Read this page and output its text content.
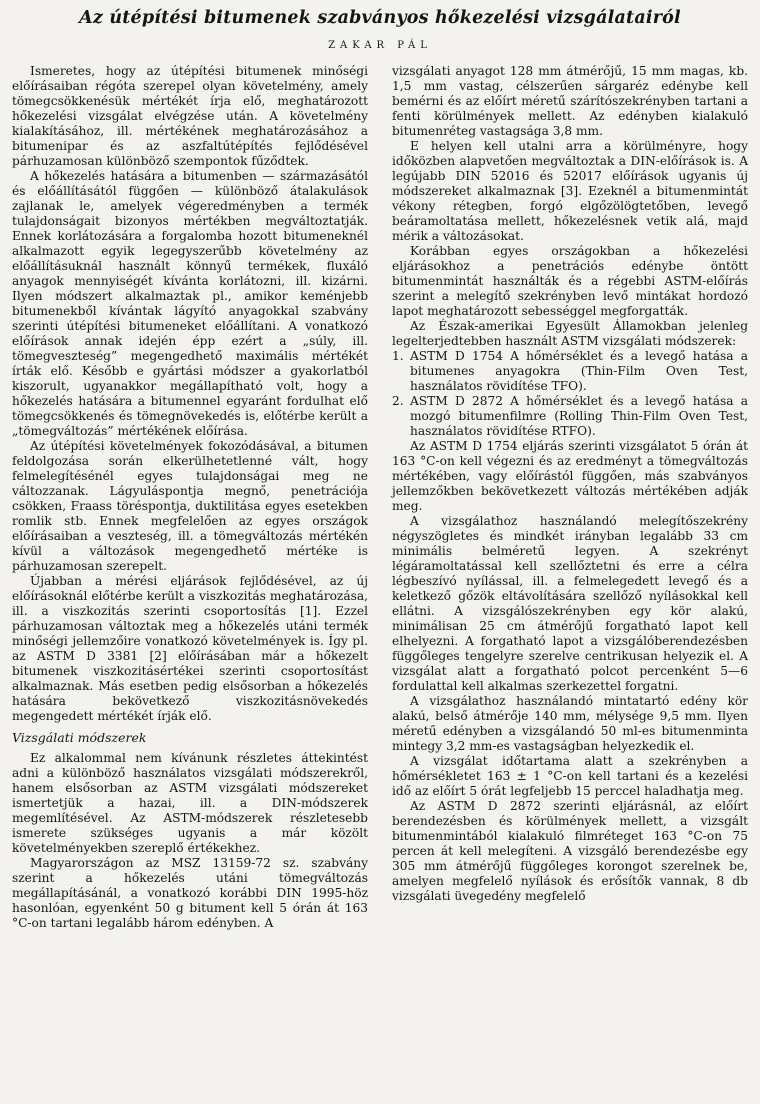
Az útépítési bitumenek szabványos hőkezelési vizsgálatairól
ZAKAR PÁL

Ismeretes, hogy az útépítési bitumenek minőségi előírásaiban régóta szerepel olyan követelmény, amely tömegcsökkenésük mértékét írja elő, meghatározott hőkezelési vizsgálat elvégzése után. A követelmény kialakításához, ill. mértékének meghatározásához a bitumenipar és az aszfaltútépítés fejlődésével párhuzamosan különböző szempontok fűződtek.

A hőkezelés hatására a bitumenben — származásától és előállításától függően — különböző átalakulások zajlanak le, amelyek végeredményben a termék tulajdonságait bizonyos mértékben megváltoztatják. Ennek korlátozására a forgalomba hozott bitumeneknél alkalmazott egyik legegyszerűbb követelmény az előállításuknál használt könnyű termékek, fluxáló anyagok mennyiségét kívánta korlátozni, ill. kizárni. Ilyen módszert alkalmaztak pl., amikor keménjebb bitumenekből kívántak lágyító anyagokkal szabvány szerinti útépítési bitumeneket előállítani. A vonatkozó előírások annak idején épp ezért a „súly, ill. tömegveszteség” megengedhető maximális mértékét írták elő. Később e gyártási módszer a gyakorlatból kiszorult, ugyanakkor megállapítható volt, hogy a hőkezelés hatására a bitumennel egyaránt fordulhat elő tömegcsökkenés és tömegnövekedés is, előtérbe került a „tömegváltozás” mértékének előírása.

Az útépítési követelmények fokozódásával, a bitumen feldolgozása során elkerülhetetlenné vált, hogy felmelegítésénél egyes tulajdonságai meg ne változzanak. Lágyuláspontja megnő, penetrációja csökken, Fraass töréspontja, duktilitása egyes esetekben romlik stb. Ennek megfelelően az egyes országok előírásaiban a veszteség, ill. a tömegváltozás mértékén kívül a változások megengedhető mértéke is párhuzamosan szerepelt.

Újabban a mérési eljárások fejlődésével, az új előírásoknál előtérbe került a viszkozitás meghatározása, ill. a viszkozitás szerinti csoportosítás [1]. Ezzel párhuzamosan változtak meg a hőkezelés utáni termék minőségi jellemzőire vonatkozó követelmények is. Így pl. az ASTM D 3381 [2] előírásában már a hőkezelt bitumenek viszkozitásértékei szerinti csoportosítást alkalmaznak. Más esetben pedig elsősorban a hőkezelés hatására bekövetkező viszkozitásnövekedés megengedett mértékét írják elő.

Vizsgálati módszerek

Ez alkalommal nem kívánunk részletes áttekintést adni a különböző használatos vizsgálati módszerekről, hanem elsősorban az ASTM vizsgálati módszereket ismertetjük a hazai, ill. a DIN-módszerek megemlítésével. Az ASTM-módszerek részletesebb ismerete szükséges ugyanis a már közölt követelményekben szereplő értékekhez.

Magyarországon az MSZ 13159-72 sz. szabvány szerint a hőkezelés utáni tömegváltozás megállapításánál, a vonatkozó korábbi DIN 1995-höz hasonlóan, egyenként 50 g bitument kell 5 órán át 163 °C-on tartani legalább három edényben. A

vizsgálati anyagot 128 mm átmérőjű, 15 mm magas, kb. 1,5 mm vastag, célszerűen sárgaréz edénybe kell bemérni és az előírt méretű szárítószekrényben tartani a fenti körülmények mellett. Az edényben kialakuló bitumenréteg vastagsága 3,8 mm.

E helyen kell utalni arra a körülményre, hogy időközben alapvetően megváltoztak a DIN-előírások is. A legújabb DIN 52016 és 52017 előírások ugyanis új módszereket alkalmaznak [3]. Ezeknél a bitumenmintát vékony rétegben, forgó elgőzölögtetőben, levegő beáramoltatása mellett, hőkezelésnek vetik alá, majd mérik a változásokat.

Korábban egyes országokban a hőkezelési eljárásokhoz a penetrációs edénybe öntött bitumenmintát használták és a régebbi ASTM-előírás szerint a melegítő szekrényben levő mintákat hordozó lapot meghatározott sebességgel megforgatták.

Az Észak-amerikai Egyesült Államokban jelenleg legelterjedtebben használt ASTM vizsgálati módszerek:

1. ASTM D 1754 A hőmérséklet és a levegő hatása a bitumenes anyagokra (Thin-Film Oven Test, használatos rövidítése TFO).
2. ASTM D 2872 A hőmérséklet és a levegő hatása a mozgó bitumenfilmre (Rolling Thin-Film Oven Test, használatos rövidítése RTFO).

Az ASTM D 1754 eljárás szerinti vizsgálatot 5 órán át 163 °C-on kell végezni és az eredményt a tömegváltozás mértékében, vagy előírástól függően, más szabványos jellemzőkben bekövetkezett változás mértékében adják meg.

A vizsgálathoz használandó melegítőszekrény négyszögletes és mindkét irányban legalább 33 cm minimális belméretű legyen. A szekrényt légáramoltatással kell szellőztetni és erre a célra légbeszívó nyílással, ill. a felmelegedett levegő és a keletkező gőzök eltávolítására szellőző nyílásokkal kell ellátni. A vizsgálószekrényben egy kör alakú, minimálisan 25 cm átmérőjű forgatható lapot kell elhelyezni. A forgatható lapot a vizsgálóberendezésben függőleges tengelyre szerelve centrikusan helyezik el. A vizsgálat alatt a forgatható polcot percenként 5—6 fordulattal kell alkalmas szerkezettel forgatni.

A vizsgálathoz használandó mintatartó edény kör alakú, belső átmérője 140 mm, mélysége 9,5 mm. Ilyen méretű edényben a vizsgálandó 50 ml-es bitumenminta mintegy 3,2 mm-es vastagságban helyezkedik el.

A vizsgálat időtartama alatt a szekrényben a hőmérsékletet 163 ± 1 °C-on kell tartani és a kezelési idő az előírt 5 órát legfeljebb 15 perccel haladhatja meg.

Az ASTM D 2872 szerinti eljárásnál, az előírt berendezésben és körülmények mellett, a vizsgált bitumenmintából kialakuló filmréteget 163 °C-on 75 percen át kell melegíteni. A vizsgáló berendezésbe egy 305 mm átmérőjű függőleges korongot szerelnek be, amelyen megfelelő nyílások és erősítők vannak, 8 db vizsgálati üvegedény megfelelő
